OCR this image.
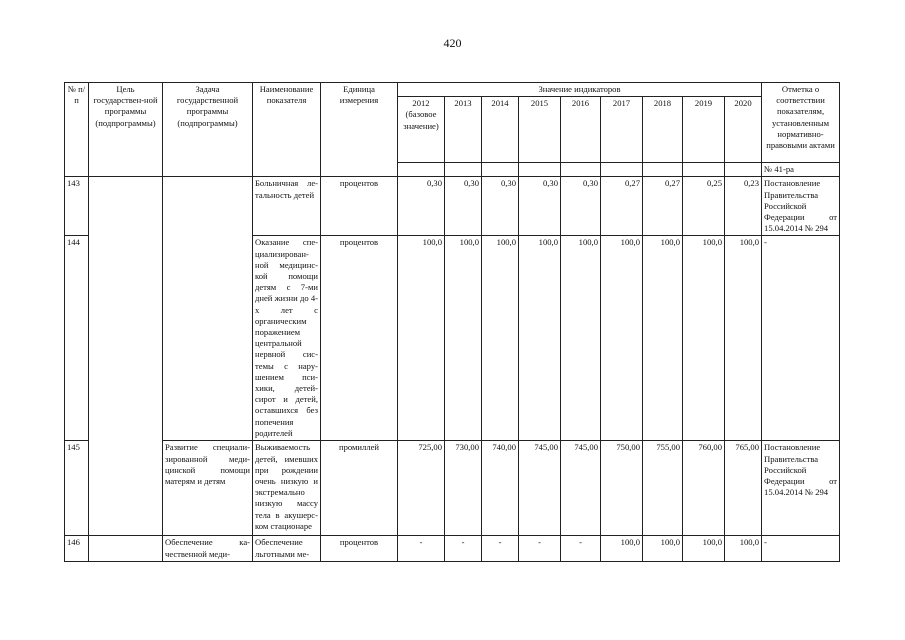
420
№ п/п	Цель государствен-ной программы (подпрограммы)	Задача государственной программы (подпрограммы)	Наименование показателя	Единица измерения	Значение индикаторов									Отметка о соответствии показателям, установленным нормативно-правовыми актами
					2012 (базовое значение)	2013	2014	2015	2016	2017	2018	2019	2020	
														№ 41-ра
143			Больничная ле-тальность детей	процентов	0,30	0,30	0,30	0,30	0,30	0,27	0,27	0,25	0,23	Постановление Правительства Российской Федерации от 15.04.2014 № 294
144			Оказание спе-циализирован-ной медицинс-кой помощи детям с 7-ми дней жизни до 4-х лет с органическим поражением центральной нервной сис-темы с нару-шением пси-хики, детей-сирот и детей, оставшихся без попечения родителей	процентов	100,0	100,0	100,0	100,0	100,0	100,0	100,0	100,0	100,0	-
145		Развитие специали-зированной меди-цинской помощи матерям и детям	Выживаемость детей, имевших при рождении очень низкую и экстремально низкую массу тела в акушерс-ком стационаре	промиллей	725,00	730,00	740,00	745,00	745,00	750,00	755,00	760,00	765,00	Постановление Правительства Российской Федерации от 15.04.2014 № 294
146		Обеспечение ка-чественной меди-	Обеспечение льготными ме-	процентов	-	-	-	-	-	100,0	100,0	100,0	100,0	-
